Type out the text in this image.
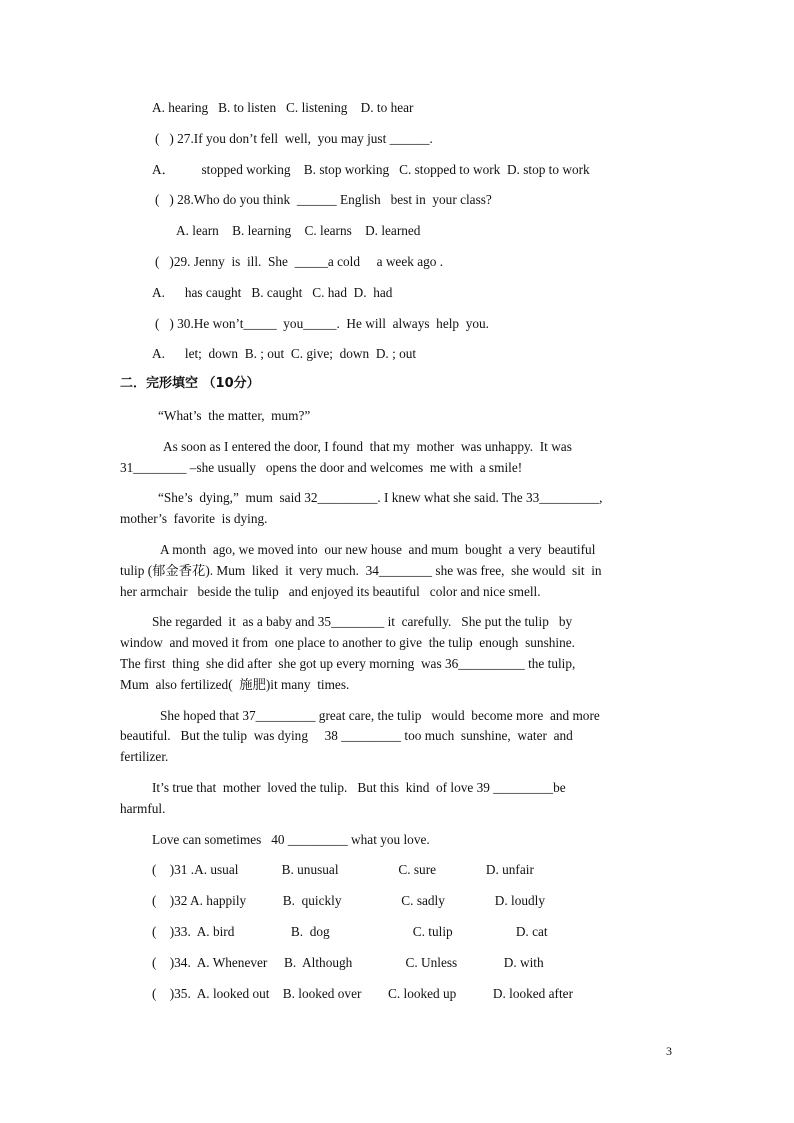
A. hearing   B. to listen   C. listening    D. to hear
(   ) 27.If you don’t fell  well,  you may just ______.
A．        stopped working    B. stop working   C. stopped to work  D. stop to work
(   ) 28.Who do you think  ______ English   best in  your class?
A. learn    B. learning    C. learns    D. learned
(   )29. Jenny  is  ill.  She  _____a cold     a week ago .
A.      has caught   B. caught   C. had  D.  had
(   ) 30.He won’t_____  you_____.  He will  always  help  you.
A.      let;  down  B. ; out  C. give;  down  D. ; out
二．完形填空 （10分）
“What’s  the matter,  mum?”
As soon as I entered the door, I found  that my  mother  was unhappy.  It was
31________ –she usually   opens the door and welcomes  me with  a smile!
“She’s  dying,”  mum  said 32_________. I knew what she said. The 33_________,
mother’s  favorite  is dying.
A month  ago, we moved into  our new house  and mum  bought  a very  beautiful
tulip (郁金香花). Mum  liked  it  very much.  34________ she was free,  she would  sit  in
her armchair   beside the tulip   and enjoyed its beautiful   color and nice smell.
She regarded  it  as a baby and 35________ it  carefully.   She put the tulip   by
window  and moved it from  one place to another to give  the tulip  enough  sunshine.
The first  thing  she did after  she got up every morning  was 36__________ the tulip,
Mum  also fertilized(  施肥)it many  times.
She hoped that 37_________ great care, the tulip   would  become more  and more
beautiful.   But the tulip  was dying     38 _________ too much  sunshine,  water  and
fertilizer.
It’s true that  mother  loved the tulip.   But this  kind  of love 39 _________be
harmful.
Love can sometimes   40 _________ what you love.
(    )31 .A. usual             B. unusual                  C. sure               D. unfair
(    )32 A. happily           B.  quickly                  C. sadly               D. loudly
(    )33.  A. bird                 B.  dog                         C. tulip                   D. cat
(    )34.  A. Whenever     B.  Although                C. Unless              D. with
(    )35.  A. looked out    B. looked over        C. looked up           D. looked after
3
